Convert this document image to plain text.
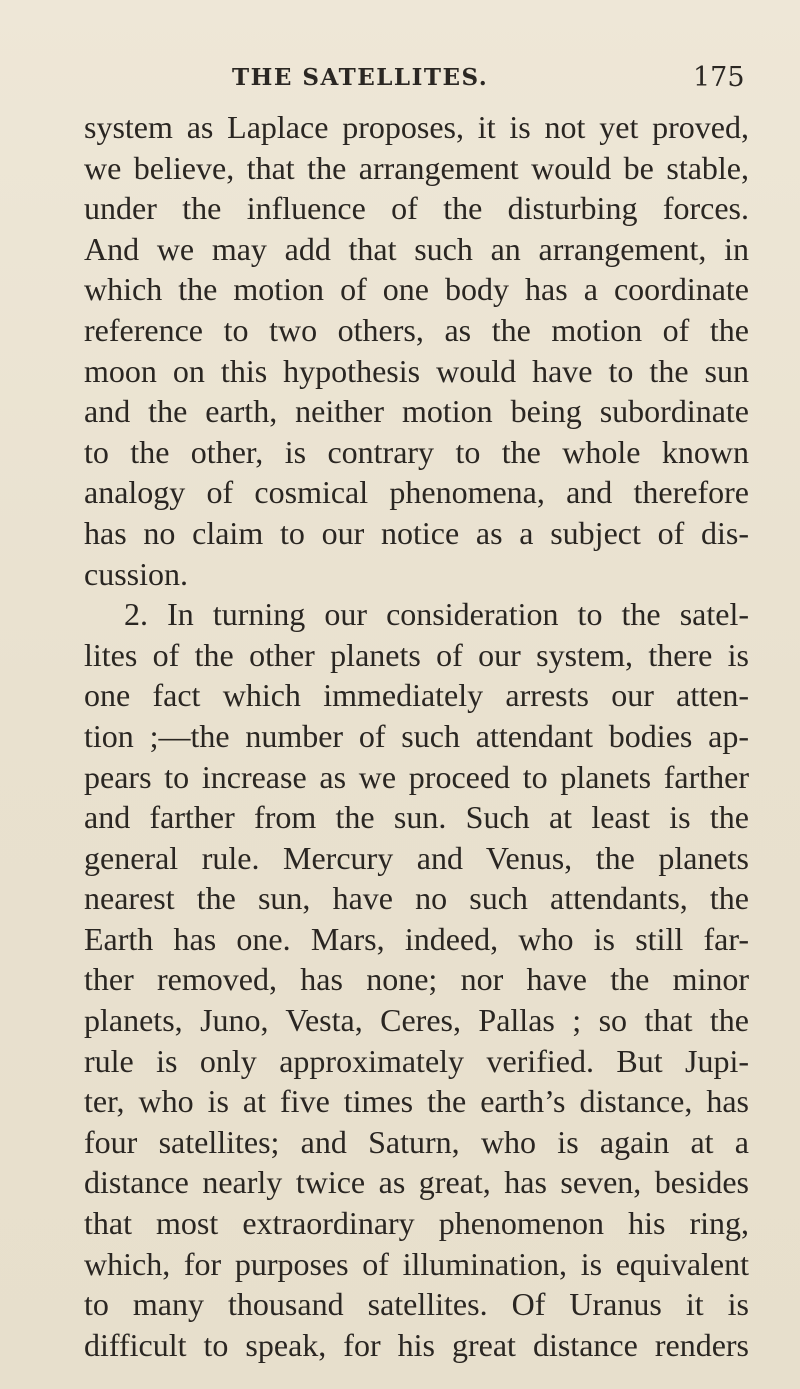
THE SATELLITES.	175
system as Laplace proposes, it is not yet proved,
we believe, that the arrangement would be stable,
under the influence of the disturbing forces.
And we may add that such an arrangement, in
which the motion of one body has a coordinate
reference to two others, as the motion of the
moon on this hypothesis would have to the sun
and the earth, neither motion being subordinate
to the other, is contrary to the whole known
analogy of cosmical phenomena, and therefore
has no claim to our notice as a subject of dis-
cussion.
2. In turning our consideration to the satel-
lites of the other planets of our system, there is
one fact which immediately arrests our atten-
tion ;—the number of such attendant bodies ap-
pears to increase as we proceed to planets farther
and farther from the sun. Such at least is the
general rule. Mercury and Venus, the planets
nearest the sun, have no such attendants, the
Earth has one. Mars, indeed, who is still far-
ther removed, has none; nor have the minor
planets, Juno, Vesta, Ceres, Pallas ; so that the
rule is only approximately verified. But Jupi-
ter, who is at five times the earth’s distance, has
four satellites; and Saturn, who is again at a
distance nearly twice as great, has seven, besides
that most extraordinary phenomenon his ring,
which, for purposes of illumination, is equivalent
to many thousand satellites. Of Uranus it is
difficult to speak, for his great distance renders
